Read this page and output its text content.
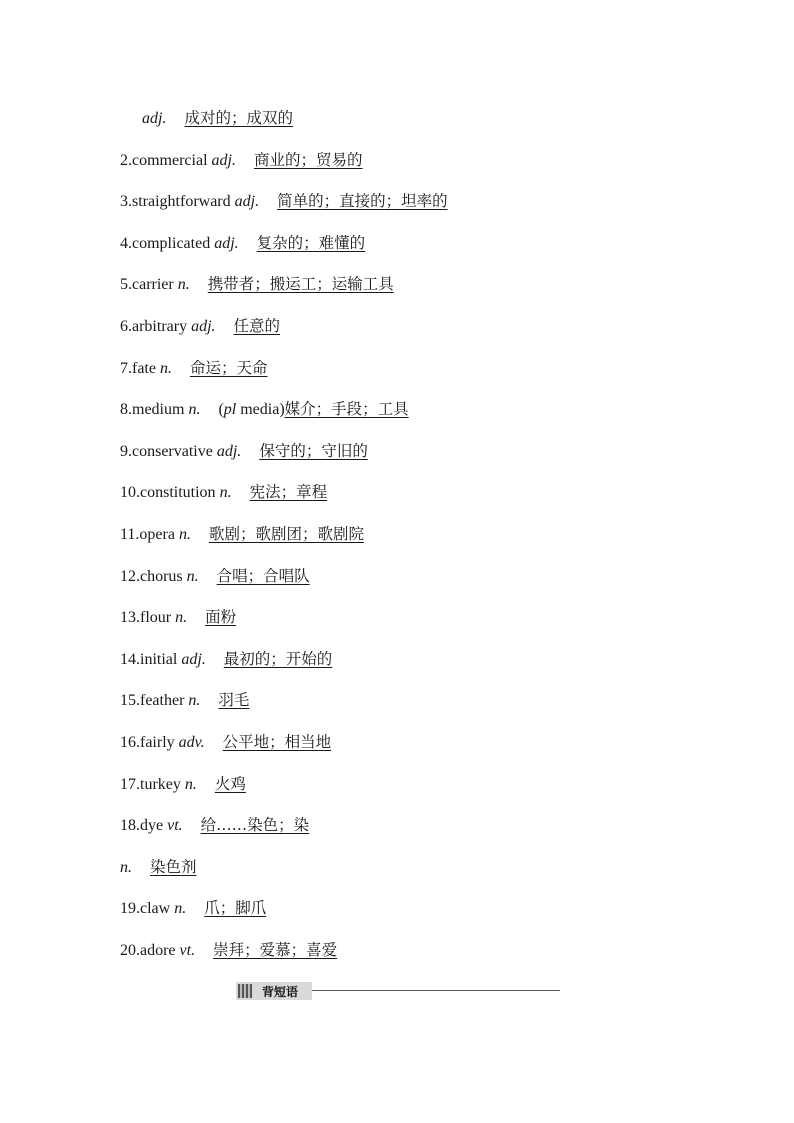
adj. 成对的；成双的
2.commercial adj. 商业的；贸易的
3.straightforward adj. 简单的；直接的；坦率的
4.complicated adj. 复杂的；难懂的
5.carrier n. 携带者；搬运工；运输工具
6.arbitrary adj. 任意的
7.fate n. 命运；天命
8.medium n. (pl media)媒介；手段；工具
9.conservative adj. 保守的；守旧的
10.constitution n. 宪法；章程
11.opera n. 歌剧；歌剧团；歌剧院
12.chorus n. 合唱；合唱队
13.flour n. 面粉
14.initial adj. 最初的；开始的
15.feather n. 羽毛
16.fairly adv. 公平地；相当地
17.turkey n. 火鸡
18.dye vt. 给……染色；染
n. 染色剂
19.claw n. 爪；脚爪
20.adore vt. 崇拜；爱慕；喜爱
背短语
